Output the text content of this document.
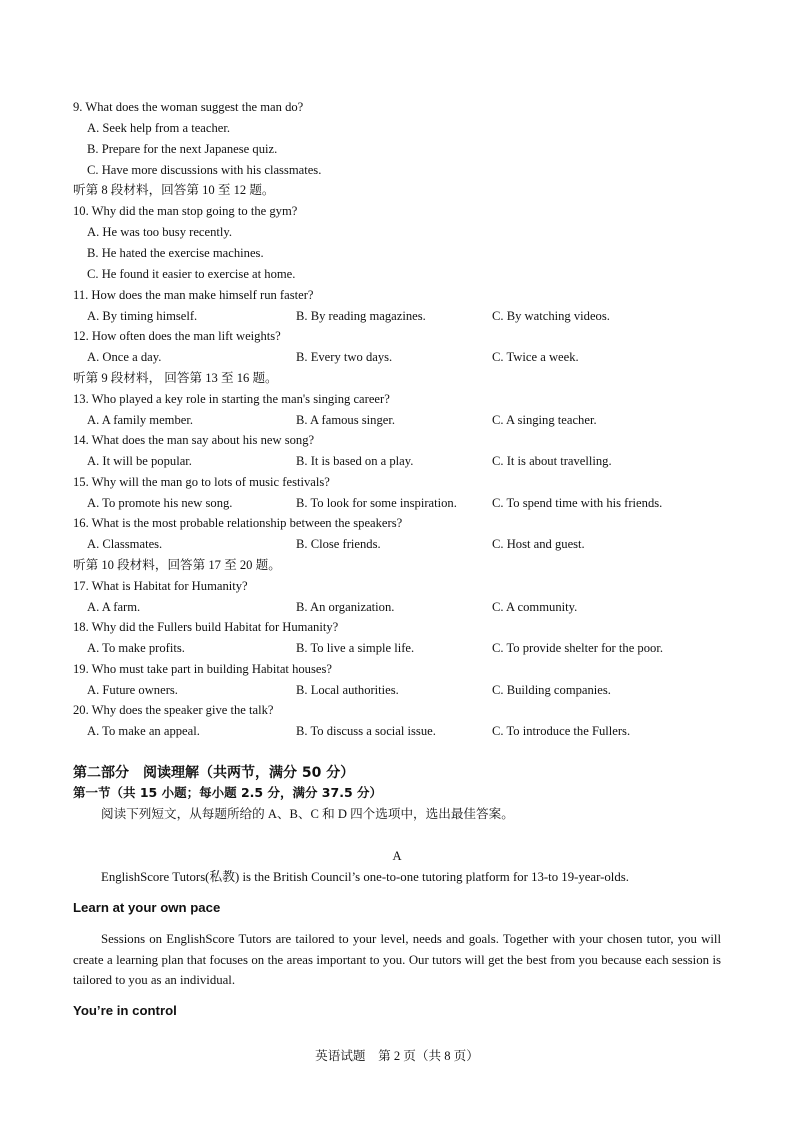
9. What does the woman suggest the man do?
A. Seek help from a teacher.
B. Prepare for the next Japanese quiz.
C. Have more discussions with his classmates.
听第 8 段材料，回答第 10 至 12 题。
10. Why did the man stop going to the gym?
A. He was too busy recently.
B. He hated the exercise machines.
C. He found it easier to exercise at home.
11. How does the man make himself run faster?
A. By timing himself.	B. By reading magazines.	C. By watching videos.
12. How often does the man lift weights?
A. Once a day.	B. Every two days.	C. Twice a week.
听第 9 段材料， 回答第 13 至 16 题。
13. Who played a key role in starting the man's singing career?
A. A family member.	B. A famous singer.	C. A singing teacher.
14. What does the man say about his new song?
A. It will be popular.	B. It is based on a play.	C. It is about travelling.
15. Why will the man go to lots of music festivals?
A. To promote his new song.	B. To look for some inspiration.	C. To spend time with his friends.
16. What is the most probable relationship between the speakers?
A. Classmates.	B. Close friends.	C. Host and guest.
听第 10 段材料，回答第 17 至 20 题。
17. What is Habitat for Humanity?
A. A farm.	B. An organization.	C. A community.
18. Why did the Fullers build Habitat for Humanity?
A. To make profits.	B. To live a simple life.	C. To provide shelter for the poor.
19. Who must take part in building Habitat houses?
A. Future owners.	B. Local authorities.	C. Building companies.
20. Why does the speaker give the talk?
A. To make an appeal.	B. To discuss a social issue.	C. To introduce the Fullers.
第二部分　阅读理解（共两节，满分 50 分）
第一节（共 15 小题；每小题 2.5 分，满分 37.5 分）
阅读下列短文，从每题所给的 A、B、C 和 D 四个选项中，选出最佳答案。
A
EnglishScore Tutors(私教) is the British Council’s one-to-one tutoring platform for 13-to 19-year-olds.
Learn at your own pace
Sessions on EnglishScore Tutors are tailored to your level, needs and goals. Together with your chosen tutor, you will create a learning plan that focuses on the areas important to you. Our tutors will get the best from you because each session is tailored to you as an individual.
You’re in control
英语试题　第 2 页（共 8 页）
